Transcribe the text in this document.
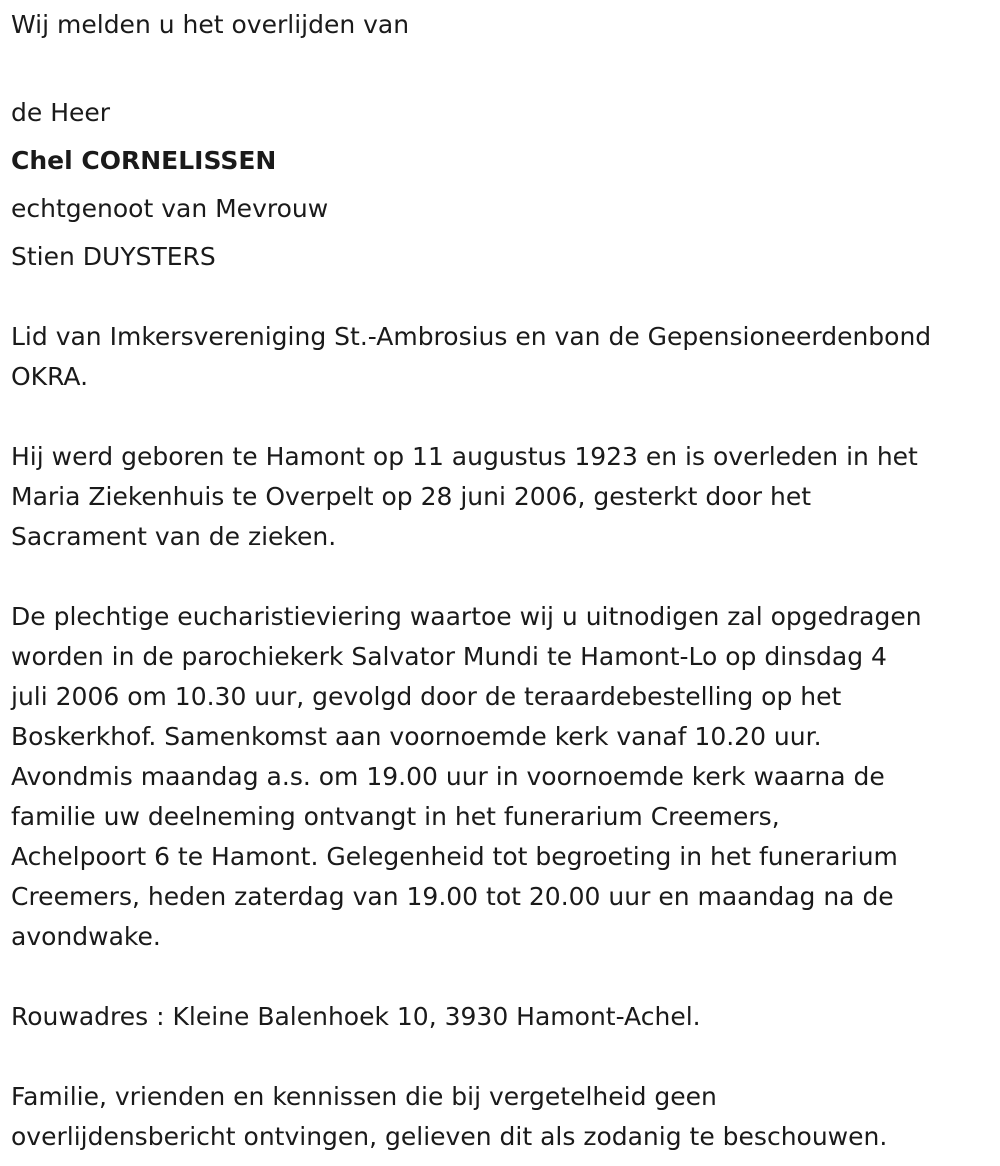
Wij melden u het overlijden van

de Heer

Chel CORNELISSEN

echtgenoot van Mevrouw

Stien DUYSTERS

Lid van Imkersvereniging St.-Ambrosius en van de Gepensioneerdenbond
OKRA.
Hij werd geboren te Hamont op 11 augustus 1923 en is overleden in het
Maria Ziekenhuis te Overpelt op 28 juni 2006, gesterkt door het
Sacrament van de zieken.
De plechtige eucharistieviering waartoe wij u uitnodigen zal opgedragen
worden in de parochiekerk Salvator Mundi te Hamont-Lo op dinsdag 4
juli 2006 om 10.30 uur, gevolgd door de teraardebestelling op het
Boskerkhof. Samenkomst aan voornoemde kerk vanaf 10.20 uur.
Avondmis maandag a.s. om 19.00 uur in voornoemde kerk waarna de
familie uw deelneming ontvangt in het funerarium Creemers,
Achelpoort 6 te Hamont. Gelegenheid tot begroeting in het funerarium
Creemers, heden zaterdag van 19.00 tot 20.00 uur en maandag na de
avondwake.

Rouwadres : Kleine Balenhoek 10, 3930 Hamont-Achel.

Familie, vrienden en kennissen die bij vergetelheid geen
overlijdensbericht ontvingen, gelieven dit als zodanig te beschouwen.
